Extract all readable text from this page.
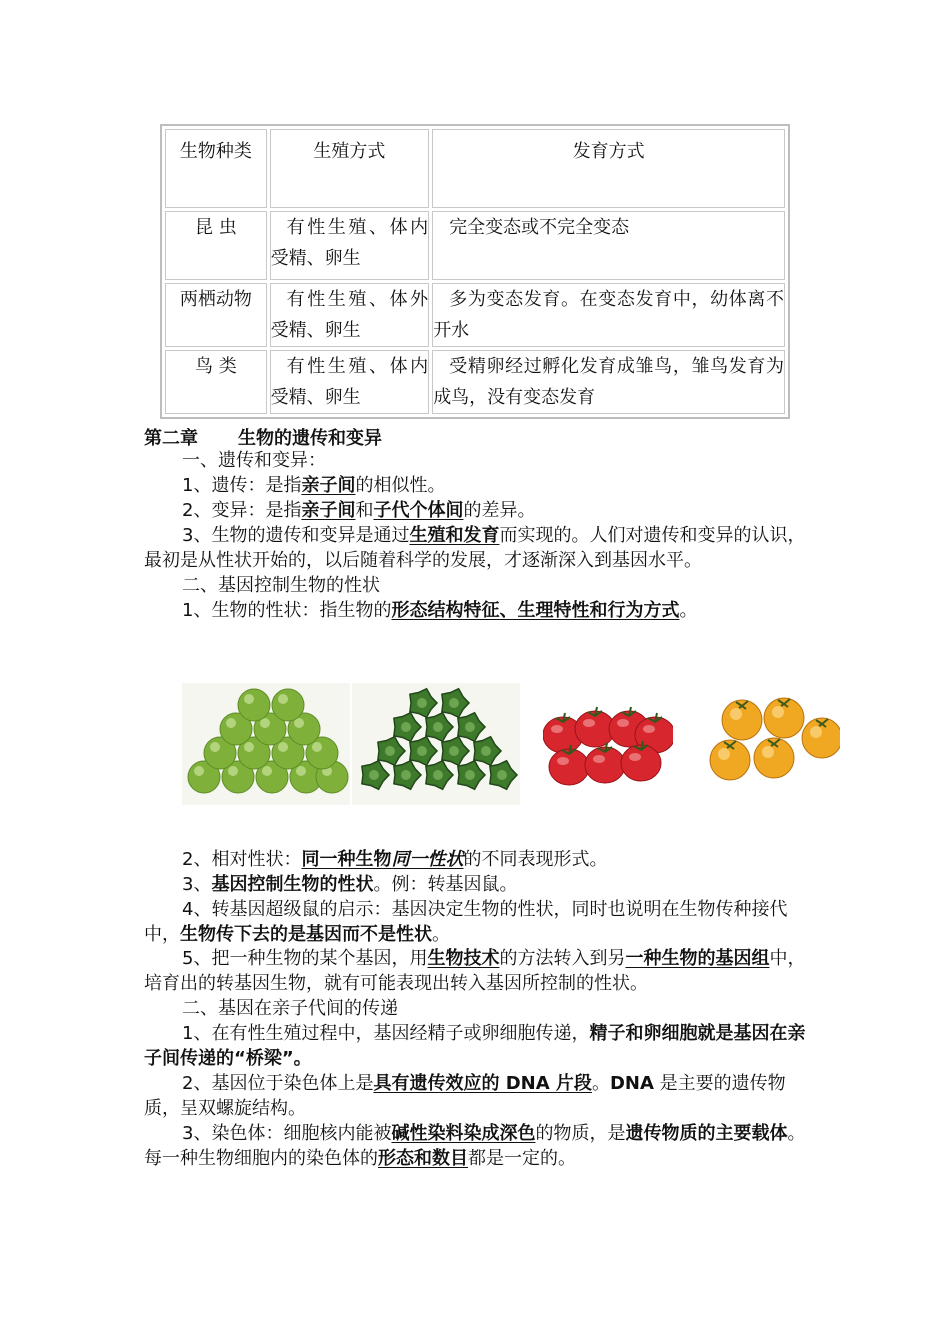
生物种类	生殖方式	发育方式

昆 虫	有性生殖、体内受精、卵生	完全变态或不完全变态

两栖动物	有性生殖、体外受精、卵生	多为变态发育。在变态发育中，幼体离不开水

鸟 类	有性生殖、体内受精、卵生	受精卵经过孵化发育成雏鸟，雏鸟发育为成鸟，没有变态发育
第二章 生物的遗传和变异
一、遗传和变异：
1、遗传：是指亲子间的相似性。
2、变异：是指亲子间和子代个体间的差异。
3、生物的遗传和变异是通过生殖和发育而实现的。人们对遗传和变异的认识，最初是从性状开始的，以后随着科学的发展，才逐渐深入到基因水平。
二、基因控制生物的性状
1、生物的性状：指生物的形态结构特征、生理特性和行为方式。
2、相对性状：同一种生物同一性状的不同表现形式。
3、基因控制生物的性状。例：转基因鼠。
4、转基因超级鼠的启示：基因决定生物的性状，同时也说明在生物传种接代中，生物传下去的是基因而不是性状。
5、把一种生物的某个基因，用生物技术的方法转入到另一种生物的基因组中，培育出的转基因生物，就有可能表现出转入基因所控制的性状。
二、基因在亲子代间的传递
1、在有性生殖过程中，基因经精子或卵细胞传递，精子和卵细胞就是基因在亲子间传递的“桥梁”。
2、基因位于染色体上是具有遗传效应的 DNA 片段。DNA 是主要的遗传物质，呈双螺旋结构。
3、染色体：细胞核内能被碱性染料染成深色的物质，是遗传物质的主要载体。每一种生物细胞内的染色体的形态和数目都是一定的。
